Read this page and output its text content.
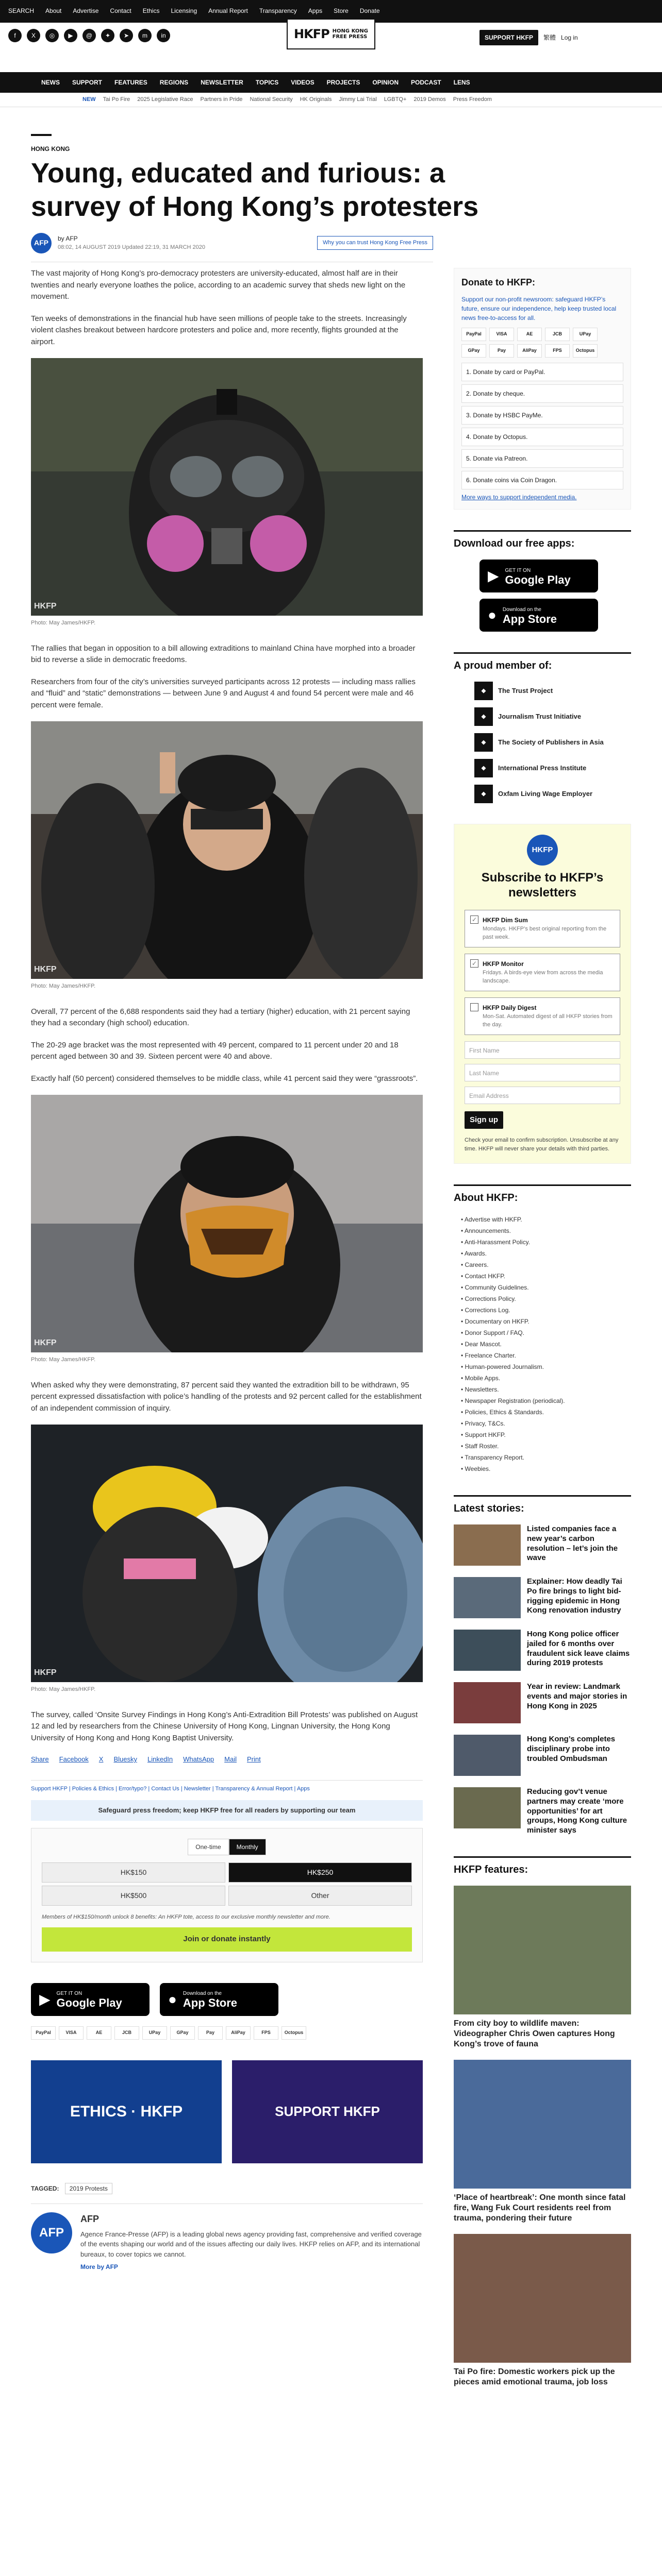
SEARCH About Advertise Contact Ethics Licensing Annual Report Transparency Apps Store Donate
f	X	◎	▶	@	✦	➤	m	in	HKFP HONG KONG
FREE PRESS	SUPPORT HKFP	繁體 Log in
NEWS SUPPORT FEATURES REGIONS NEWSLETTER TOPICS VIDEOS PROJECTS OPINION PODCAST LENS
NEW Tai Po Fire 2025 Legislative Race Partners in Pride National Security HK Originals Jimmy Lai Trial LGBTQ+ 2019 Demos Press Freedom
HONG KONG
Young, educated and furious: a survey of Hong Kong’s protesters
AFP	by AFP
08:02, 14 AUGUST 2019 Updated 22:19, 31 MARCH 2020
Why you can trust Hong Kong Free Press

The vast majority of Hong Kong’s pro-democracy protesters are university-educated, almost half are in their twenties and nearly everyone loathes the police, according to an academic survey that sheds new light on the movement.

Ten weeks of demonstrations in the financial hub have seen millions of people take to the streets. Increasingly violent clashes breakout between hardcore protesters and police and, more recently, flights grounded at the airport.

HKFP
Photo: May James/HKFP.

The rallies that began in opposition to a bill allowing extraditions to mainland China have morphed into a broader bid to reverse a slide in democratic freedoms.

Researchers from four of the city’s universities surveyed participants across 12 protests — including mass rallies and “fluid” and “static” demonstrations — between June 9 and August 4 and found 54 percent were male and 46 percent were female.

HKFP
Photo: May James/HKFP.

Overall, 77 percent of the 6,688 respondents said they had a tertiary (higher) education, with 21 percent saying they had a secondary (high school) education.

The 20-29 age bracket was the most represented with 49 percent, compared to 11 percent under 20 and 18 percent aged between 30 and 39. Sixteen percent were 40 and above.

Exactly half (50 percent) considered themselves to be middle class, while 41 percent said they were “grassroots”.

HKFP
Photo: May James/HKFP.

When asked why they were demonstrating, 87 percent said they wanted the extradition bill to be withdrawn, 95 percent expressed dissatisfaction with police’s handling of the protests and 92 percent called for the establishment of an independent commission of inquiry.

HKFP
Photo: May James/HKFP.

The survey, called ‘Onsite Survey Findings in Hong Kong’s Anti-Extradition Bill Protests’ was published on August 12 and led by researchers from the Chinese University of Hong Kong, Lingnan University, the Hong Kong University of Hong Kong and Hong Kong Baptist University.

Share Facebook X Bluesky LinkedIn WhatsApp Mail Print
Support HKFP | Policies & Ethics | Error/typo? | Contact Us | Newsletter | Transparency & Annual Report | Apps
Safeguard press freedom; keep HKFP free for all readers by supporting our team
One-time	Monthly
HK$150	HK$250
HK$500	Other
Members of HK$150/month unlock 8 benefits: An HKFP tote, access to our exclusive monthly newsletter and more.
Join or donate instantly
▶ GET IT ON
Google Play	● Download on the
App Store
PayPal	VISA	AE	JCB	UPay	GPay	Pay	AliPay	FPS	Octopus
ETHICS · HKFP	SUPPORT HKFP
TAGGED: 2019 Protests
AFP
AFP
Agence France-Presse (AFP) is a leading global news agency providing fast, comprehensive and verified coverage of the events shaping our world and of the issues affecting our daily lives. HKFP relies on AFP, and its international bureaux, to cover topics we cannot.
More by AFP
Donate to HKFP:
Support our non-profit newsroom: safeguard HKFP’s future, ensure our independence, help keep trusted local news free-to-access for all.
PayPal	VISA	AE	JCB	UPay
GPay	Pay	AliPay	FPS	Octopus
1. Donate by card or PayPal.
2. Donate by cheque.
3. Donate by HSBC PayMe.
4. Donate by Octopus.
5. Donate via Patreon.
6. Donate coins via Coin Dragon.
More ways to support independent media.
Download our free apps:
▶ GET IT ON
Google Play
● Download on the
App Store
A proud member of:
◆	The Trust Project
◆	Journalism Trust Initiative
◆	The Society of Publishers in Asia
◆	International Press Institute
◆	Oxfam Living Wage Employer
HKFP
Subscribe to HKFP’s newsletters
✓ HKFP Dim Sum
Mondays. HKFP’s best original reporting from the past week.
✓ HKFP Monitor
Fridays. A birds-eye view from across the media landscape.
HKFP Daily Digest
Mon-Sat. Automated digest of all HKFP stories from the day.
First Name
Last Name
Email Address
Sign up
Check your email to confirm subscription. Unsubscribe at any time. HKFP will never share your details with third parties.
About HKFP:
• Advertise with HKFP.
• Announcements.
• Anti-Harassment Policy.
• Awards.
• Careers.
• Contact HKFP.
• Community Guidelines.
• Corrections Policy.
• Corrections Log.
• Documentary on HKFP.
• Donor Support / FAQ.
• Dear Mascot.
• Freelance Charter.
• Human-powered Journalism.
• Mobile Apps.
• Newsletters.
• Newspaper Registration (periodical).
• Policies, Ethics & Standards.
• Privacy, T&Cs.
• Support HKFP.
• Staff Roster.
• Transparency Report.
• Weebies.
Latest stories:
Listed companies face a new year’s carbon resolution – let’s join the wave
Explainer: How deadly Tai Po fire brings to light bid-rigging epidemic in Hong Kong renovation industry
Hong Kong police officer jailed for 6 months over fraudulent sick leave claims during 2019 protests
Year in review: Landmark events and major stories in Hong Kong in 2025
Hong Kong’s completes disciplinary probe into troubled Ombudsman
Reducing gov’t venue partners may create ‘more opportunities’ for art groups, Hong Kong culture minister says
HKFP features:
From city boy to wildlife maven: Videographer Chris Owen captures Hong Kong’s trove of fauna
‘Place of heartbreak’: One month since fatal fire, Wang Fuk Court residents reel from trauma, pondering their future
Tai Po fire: Domestic workers pick up the pieces amid emotional trauma, job loss
